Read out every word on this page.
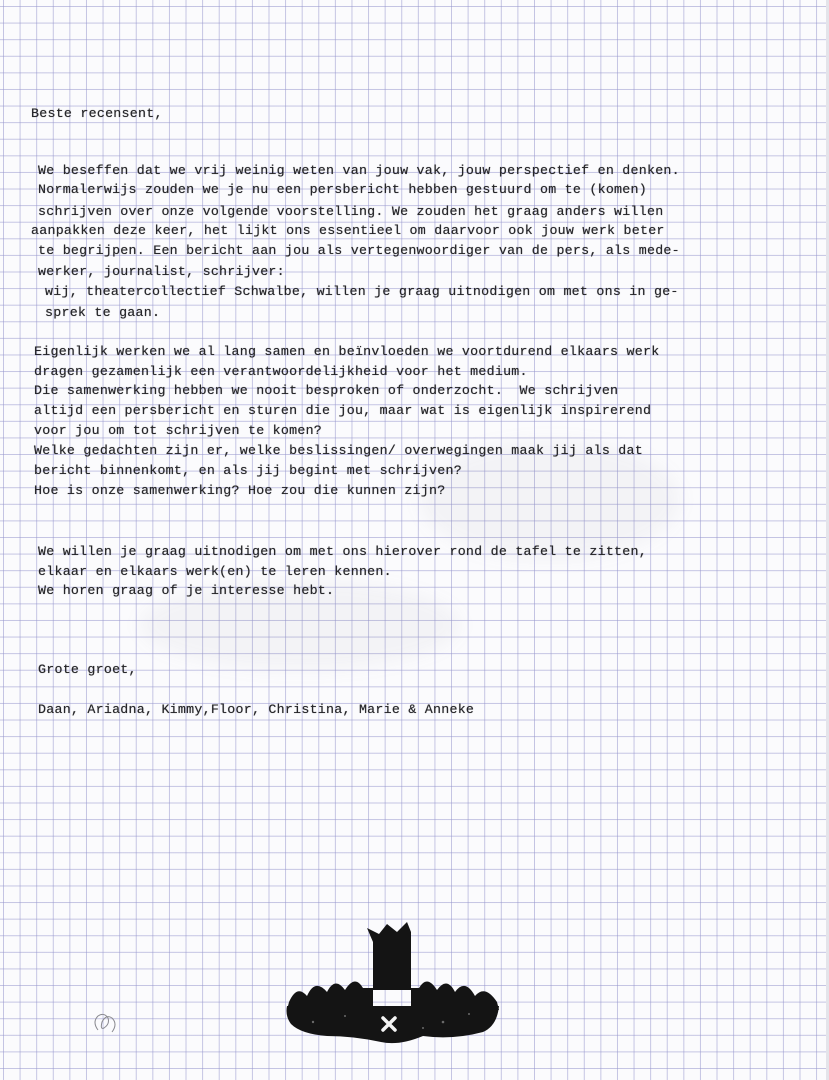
Beste recensent,
We beseffen dat we vrij weinig weten van jouw vak, jouw perspectief en denken.
Normalerwijs zouden we je nu een persbericht hebben gestuurd om te (komen)
schrijven over onze volgende voorstelling. We zouden het graag anders willen
aanpakken deze keer, het lijkt ons essentieel om daarvoor ook jouw werk beter
te begrijpen. Een bericht aan jou als vertegenwoordiger van de pers, als mede-
werker, journalist, schrijver:
wij, theatercollectief Schwalbe, willen je graag uitnodigen om met ons in ge-
sprek te gaan.
Eigenlijk werken we al lang samen en beïnvloeden we voortdurend elkaars werk
dragen gezamenlijk een verantwoordelijkheid voor het medium.
Die samenwerking hebben we nooit besproken of onderzocht.  We schrijven
altijd een persbericht en sturen die jou, maar wat is eigenlijk inspirerend
voor jou om tot schrijven te komen?
Welke gedachten zijn er, welke beslissingen/ overwegingen maak jij als dat
bericht binnenkomt, en als jij begint met schrijven?
Hoe is onze samenwerking? Hoe zou die kunnen zijn?
We willen je graag uitnodigen om met ons hierover rond de tafel te zitten,
elkaar en elkaars werk(en) te leren kennen.
We horen graag of je interesse hebt.
Grote groet,
Daan, Ariadna, Kimmy,Floor, Christina, Marie & Anneke
